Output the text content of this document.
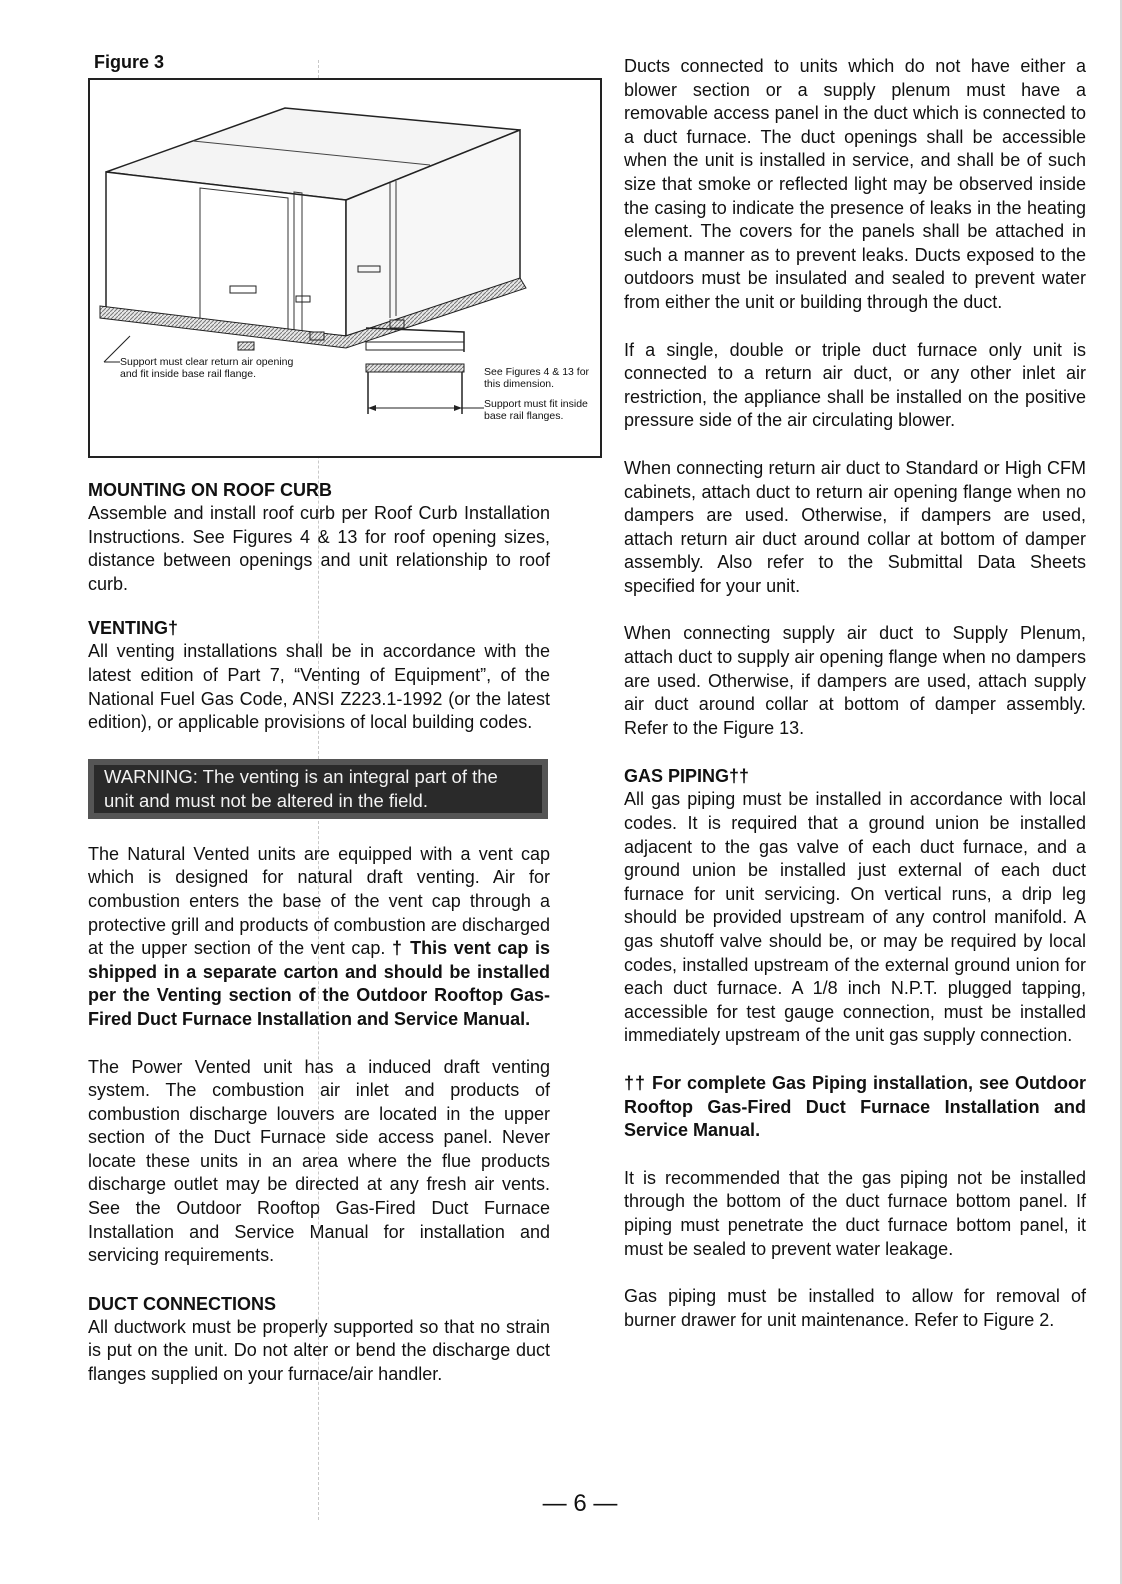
Figure 3
Support must clear return air opening and fit inside base rail flange.	See Figures 4 & 13 for this dimension.
Support must fit inside base rail flanges.
MOUNTING ON ROOF CURB

Assemble and install roof curb per Roof Curb Installation Instructions. See Figures 4 & 13 for roof opening sizes, distance between openings and unit relationship to roof curb.

VENTING†

All venting installations shall be in accordance with the latest edition of Part 7, “Venting of Equipment”, of the National Fuel Gas Code, ANSI Z223.1-1992 (or the latest edition), or applicable provisions of local building codes.

WARNING: The venting is an integral part of the unit and must not be altered in the field.

The Natural Vented units are equipped with a vent cap which is designed for natural draft venting. Air for combustion enters the base of the vent cap through a protective grill and products of combustion are discharged at the upper section of the vent cap. † This vent cap is shipped in a separate carton and should be installed per the Venting section of the Outdoor Rooftop Gas-Fired Duct Furnace Installation and Service Manual.

The Power Vented unit has a induced draft venting system. The combustion air inlet and products of combustion discharge louvers are located in the upper section of the Duct Furnace side access panel. Never locate these units in an area where the flue products discharge outlet may be directed at any fresh air vents. See the Outdoor Rooftop Gas-Fired Duct Furnace Installation and Service Manual for installation and servicing requirements.

DUCT CONNECTIONS

All ductwork must be properly supported so that no strain is put on the unit. Do not alter or bend the discharge duct flanges supplied on your furnace/air handler.

Ducts connected to units which do not have either a blower section or a supply plenum must have a removable access panel in the duct which is connected to a duct furnace. The duct openings shall be accessible when the unit is installed in service, and shall be of such size that smoke or reflected light may be observed inside the casing to indicate the presence of leaks in the heating element. The covers for the panels shall be attached in such a manner as to prevent leaks. Ducts exposed to the outdoors must be insulated and sealed to prevent water from either the unit or building through the duct.

If a single, double or triple duct furnace only unit is connected to a return air duct, or any other inlet air restriction, the appliance shall be installed on the positive pressure side of the air circulating blower.

When connecting return air duct to Standard or High CFM cabinets, attach duct to return air opening flange when no dampers are used. Otherwise, if dampers are used, attach return air duct around collar at bottom of damper assembly. Also refer to the Submittal Data Sheets specified for your unit.

When connecting supply air duct to Supply Plenum, attach duct to supply air opening flange when no dampers are used. Otherwise, if dampers are used, attach supply air duct around collar at bottom of damper assembly. Refer to the Figure 13.

GAS PIPING††

All gas piping must be installed in accordance with local codes. It is required that a ground union be installed adjacent to the gas valve of each duct furnace, and a ground union be installed just external of each duct furnace for unit servicing. On vertical runs, a drip leg should be provided upstream of any control manifold. A gas shutoff valve should be, or may be required by local codes, installed upstream of the external ground union for each duct furnace. A 1/8 inch N.P.T. plugged tapping, accessible for test gauge connection, must be installed immediately upstream of the unit gas supply connection.

†† For complete Gas Piping installation, see Outdoor Rooftop Gas-Fired Duct Furnace Installation and Service Manual.

It is recommended that the gas piping not be installed through the bottom of the duct furnace bottom panel. If piping must penetrate the duct furnace bottom panel, it must be sealed to prevent water leakage.

Gas piping must be installed to allow for removal of burner drawer for unit maintenance. Refer to Figure 2.

— 6 —
